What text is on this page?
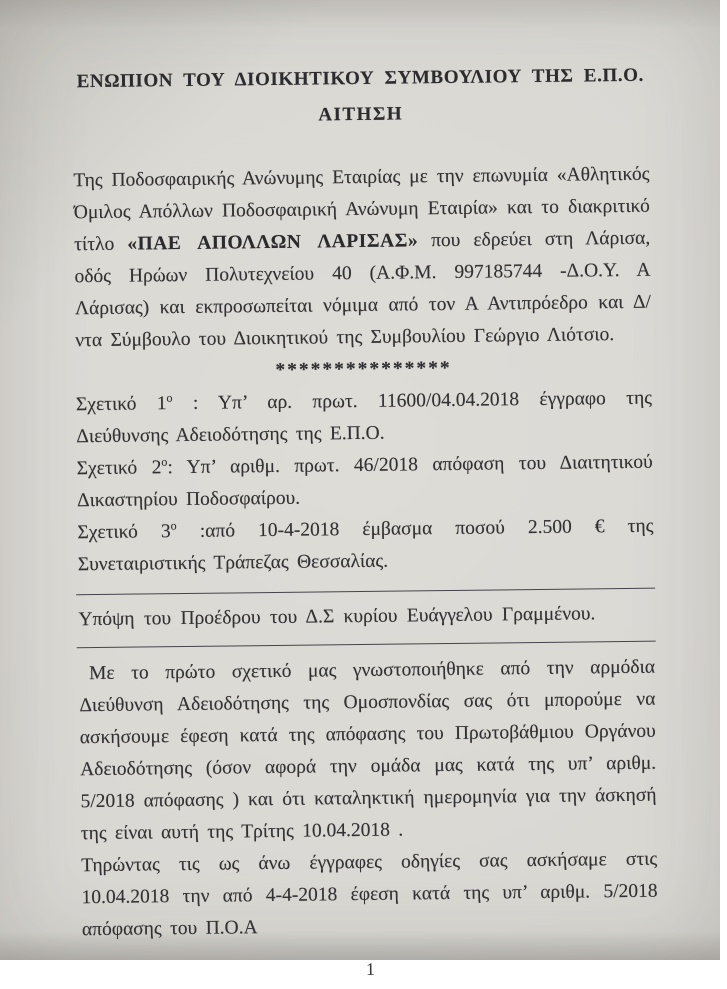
ΕΝΩΠΙΟΝ ΤΟΥ ΔΙΟΙΚΗΤΙΚΟΥ ΣΥΜΒΟΥΛΙΟΥ ΤΗΣ Ε.Π.Ο.
ΑΙΤΗΣΗ

Της Ποδοσφαιρικής Ανώνυμης Εταιρίας με την επωνυμία «Αθλητικός Όμιλος Απόλλων Ποδοσφαιρική Ανώνυμη Εταιρία» και το διακριτικό τίτλο «ΠΑΕ ΑΠΟΛΛΩΝ ΛΑΡΙΣΑΣ» που εδρεύει στη Λάρισα, οδός Ηρώων Πολυτεχνείου 40 (Α.Φ.Μ. 997185744 -Δ.Ο.Υ. Α Λάρισας) και εκπροσωπείται νόμιμα από τον Α Αντιπρόεδρο και Δ/ντα Σύμβουλο του Διοικητικού της Συμβουλίου Γεώργιο Λιότσιο.

***************

Σχετικό $1^o$ : Υπ’ αρ. πρωτ. 11600/04.04.2018 έγγραφο της Διεύθυνσης Αδειοδότησης της Ε.Π.Ο.

Σχετικό $2^o$: Υπ’ αριθμ. πρωτ. 46/2018 απόφαση του Διαιτητικού Δικαστηρίου Ποδοσφαίρου.

Σχετικό $3^o$ :από 10-4-2018 έμβασμα ποσού 2.500 € της Συνεταιριστικής Τράπεζας Θεσσαλίας.

Υπόψη του Προέδρου του Δ.Σ κυρίου Ευάγγελου Γραμμένου.

Με το πρώτο σχετικό μας γνωστοποιήθηκε από την αρμόδια Διεύθυνση Αδειοδότησης της Ομοσπονδίας σας ότι μπορούμε να ασκήσουμε έφεση κατά της απόφασης του Πρωτοβάθμιου Οργάνου Αδειοδότησης (όσον αφορά την ομάδα μας κατά της υπ’ αριθμ. 5/2018 απόφασης ) και ότι καταληκτική ημερομηνία για την άσκησή της είναι αυτή της Τρίτης 10.04.2018 .

Τηρώντας τις ως άνω έγγραφες οδηγίες σας ασκήσαμε στις 10.04.2018 την από 4-4-2018 έφεση κατά της υπ’ αριθμ. 5/2018 απόφασης του Π.Ο.Α

1
